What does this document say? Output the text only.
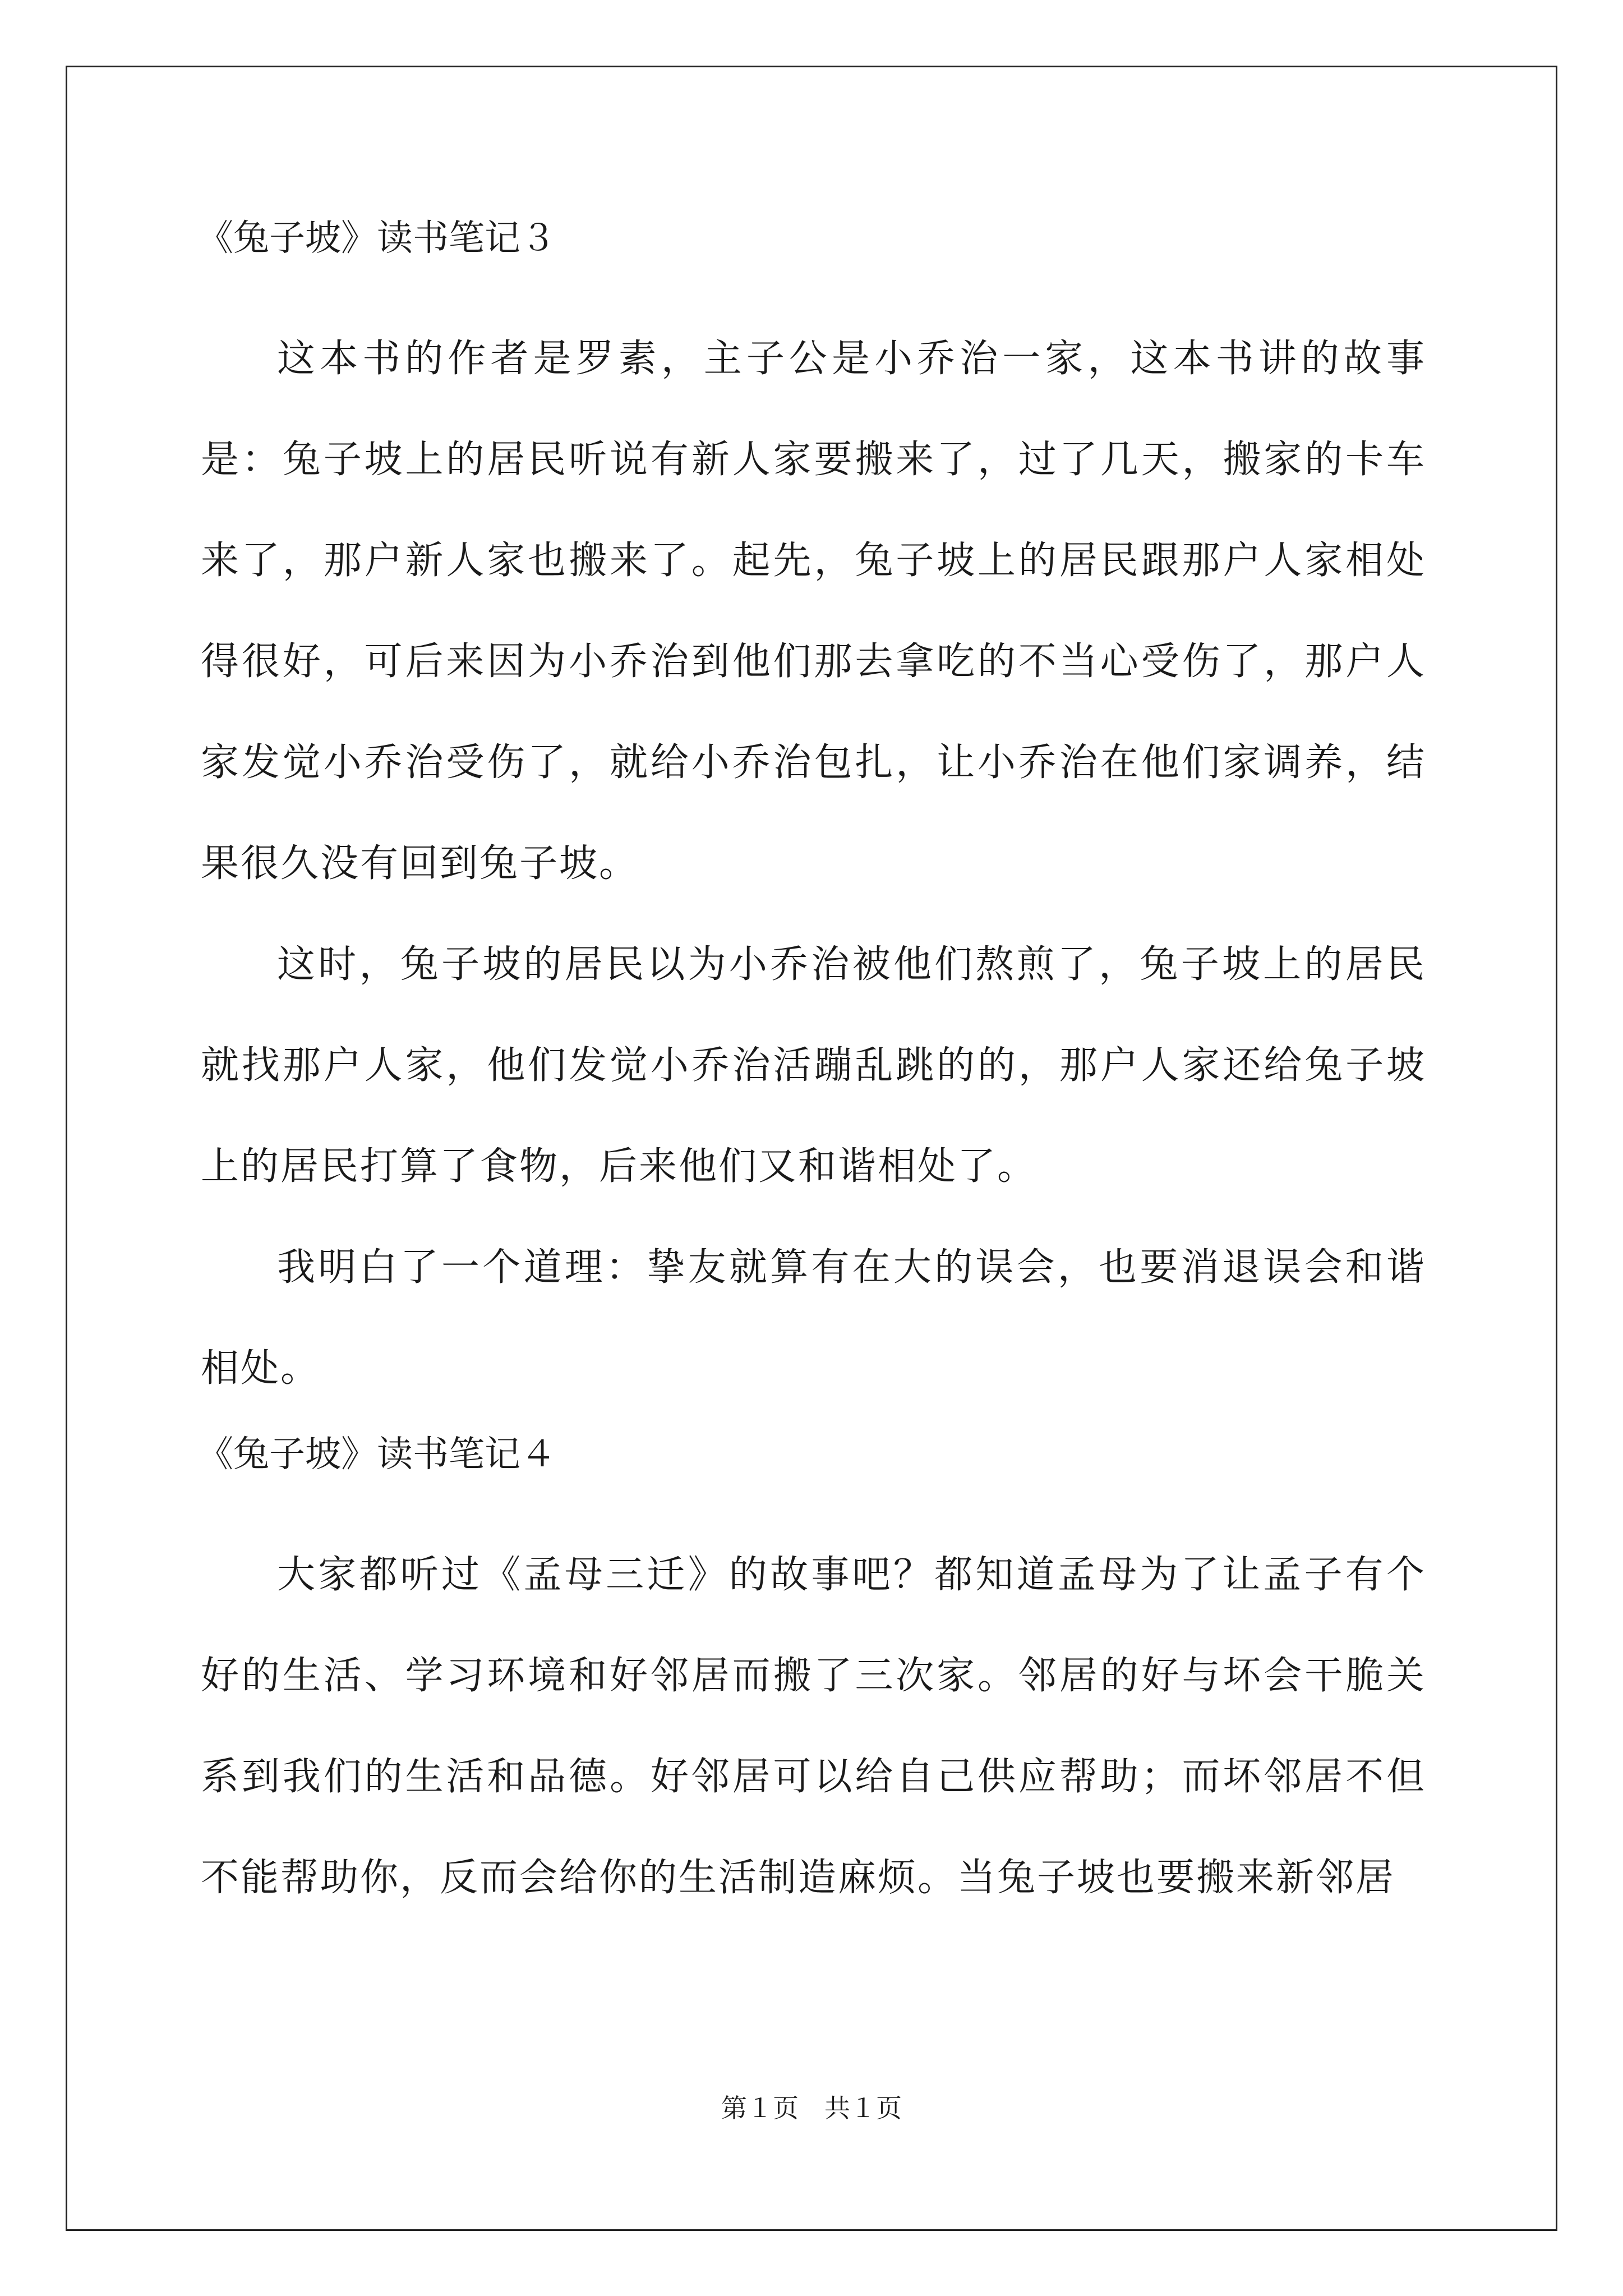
《兔子坡》读书笔记３

这本书的作者是罗素，主子公是小乔治一家，这本书讲的故事是：兔子坡上的居民听说有新人家要搬来了，过了几天，搬家的卡车来了，那户新人家也搬来了。起先，兔子坡上的居民跟那户人家相处得很好，可后来因为小乔治到他们那去拿吃的不当心受伤了，那户人家发觉小乔治受伤了，就给小乔治包扎，让小乔治在他们家调养，结果很久没有回到兔子坡。

这时，兔子坡的居民以为小乔治被他们熬煎了，兔子坡上的居民就找那户人家，他们发觉小乔治活蹦乱跳的的，那户人家还给兔子坡上的居民打算了食物，后来他们又和谐相处了。

我明白了一个道理：挚友就算有在大的误会，也要消退误会和谐相处。

《兔子坡》读书笔记４

大家都听过《孟母三迁》的故事吧？都知道孟母为了让孟子有个好的生活、学习环境和好邻居而搬了三次家。邻居的好与坏会干脆关系到我们的生活和品德。好邻居可以给自己供应帮助；而坏邻居不但不能帮助你，反而会给你的生活制造麻烦。当兔子坡也要搬来新邻居

第１页　共１页
